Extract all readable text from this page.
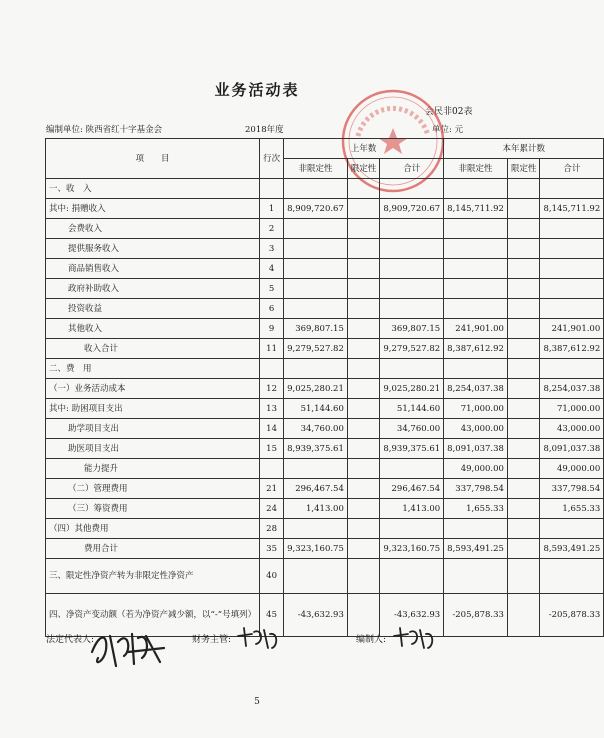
业务活动表
会民非02表
编制单位: 陕西省红十字基金会	2018年度	单位: 元
项　　目	行次	上年数			本年累计数		
		非限定性	限定性	合计	非限定性	限定性	合计
一、收　入							
其中: 捐赠收入	1	8,909,720.67		8,909,720.67	8,145,711.92		8,145,711.92
会费收入	2						
提供服务收入	3						
商品销售收入	4						
政府补助收入	5						
投资收益	6						
其他收入	9	369,807.15		369,807.15	241,901.00		241,901.00
收入合计	11	9,279,527.82		9,279,527.82	8,387,612.92		8,387,612.92
二、费　用							
（一）业务活动成本	12	9,025,280.21		9,025,280.21	8,254,037.38		8,254,037.38
其中: 助困项目支出	13	51,144.60		51,144.60	71,000.00		71,000.00
助学项目支出	14	34,760.00		34,760.00	43,000.00		43,000.00
助医项目支出	15	8,939,375.61		8,939,375.61	8,091,037.38		8,091,037.38
能力提升					49,000.00		49,000.00
（二）管理费用	21	296,467.54		296,467.54	337,798.54		337,798.54
（三）筹资费用	24	1,413.00		1,413.00	1,655.33		1,655.33
（四）其他费用	28						
费用合计	35	9,323,160.75		9,323,160.75	8,593,491.25		8,593,491.25
三、限定性净资产转为非限定性净资产	40						
四、净资产变动额（若为净资产减少额，以“-”号填列）	45	-43,632.93		-43,632.93	-205,878.33		-205,878.33
法定代表人:	财务主管:	编制人:
5
